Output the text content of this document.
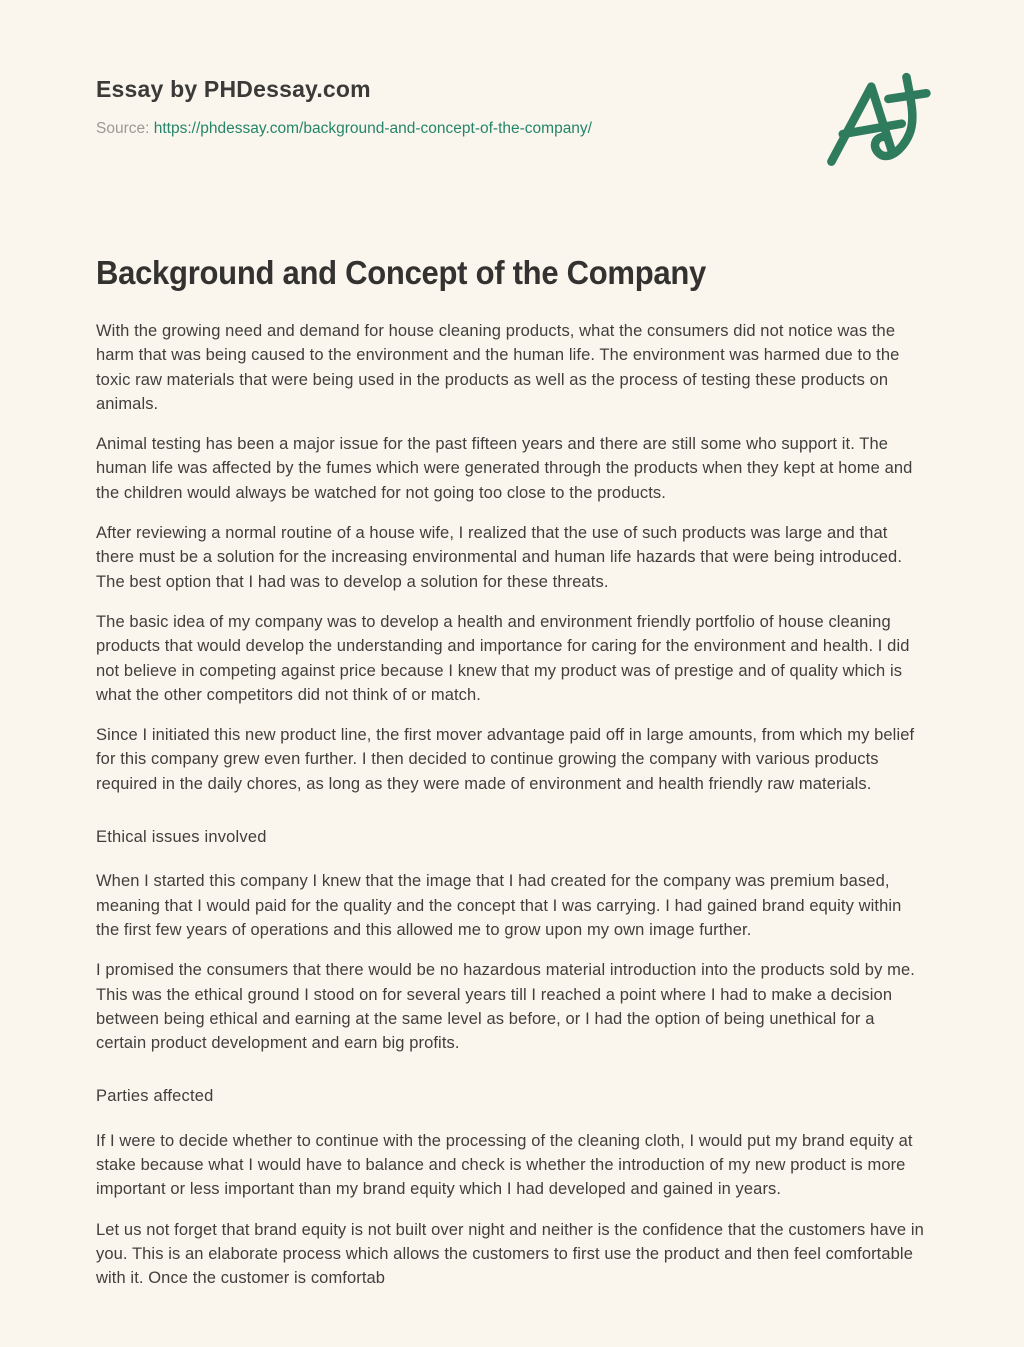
Essay by PHDessay.com
Source: https://phdessay.com/background-and-concept-of-the-company/
Background and Concept of the Company

With the growing need and demand for house cleaning products, what the consumers did not notice was the harm that was being caused to the environment and the human life. The environment was harmed due to the toxic raw materials that were being used in the products as well as the process of testing these products on animals.

Animal testing has been a major issue for the past fifteen years and there are still some who support it. The human life was affected by the fumes which were generated through the products when they kept at home and the children would always be watched for not going too close to the products.

After reviewing a normal routine of a house wife, I realized that the use of such products was large and that there must be a solution for the increasing environmental and human life hazards that were being introduced. The best option that I had was to develop a solution for these threats.

The basic idea of my company was to develop a health and environment friendly portfolio of house cleaning products that would develop the understanding and importance for caring for the environment and health. I did not believe in competing against price because I knew that my product was of prestige and of quality which is what the other competitors did not think of or match.

Since I initiated this new product line, the first mover advantage paid off in large amounts, from which my belief for this company grew even further. I then decided to continue growing the company with various products required in the daily chores, as long as they were made of environment and health friendly raw materials.

Ethical issues involved

When I started this company I knew that the image that I had created for the company was premium based, meaning that I would paid for the quality and the concept that I was carrying. I had gained brand equity within the first few years of operations and this allowed me to grow upon my own image further.

I promised the consumers that there would be no hazardous material introduction into the products sold by me. This was the ethical ground I stood on for several years till I reached a point where I had to make a decision between being ethical and earning at the same level as before, or I had the option of being unethical for a certain product development and earn big profits.

Parties affected

If I were to decide whether to continue with the processing of the cleaning cloth, I would put my brand equity at stake because what I would have to balance and check is whether the introduction of my new product is more important or less important than my brand equity which I had developed and gained in years.

Let us not forget that brand equity is not built over night and neither is the confidence that the customers have in you. This is an elaborate process which allows the customers to first use the product and then feel comfortable with it. Once the customer is comfortab
